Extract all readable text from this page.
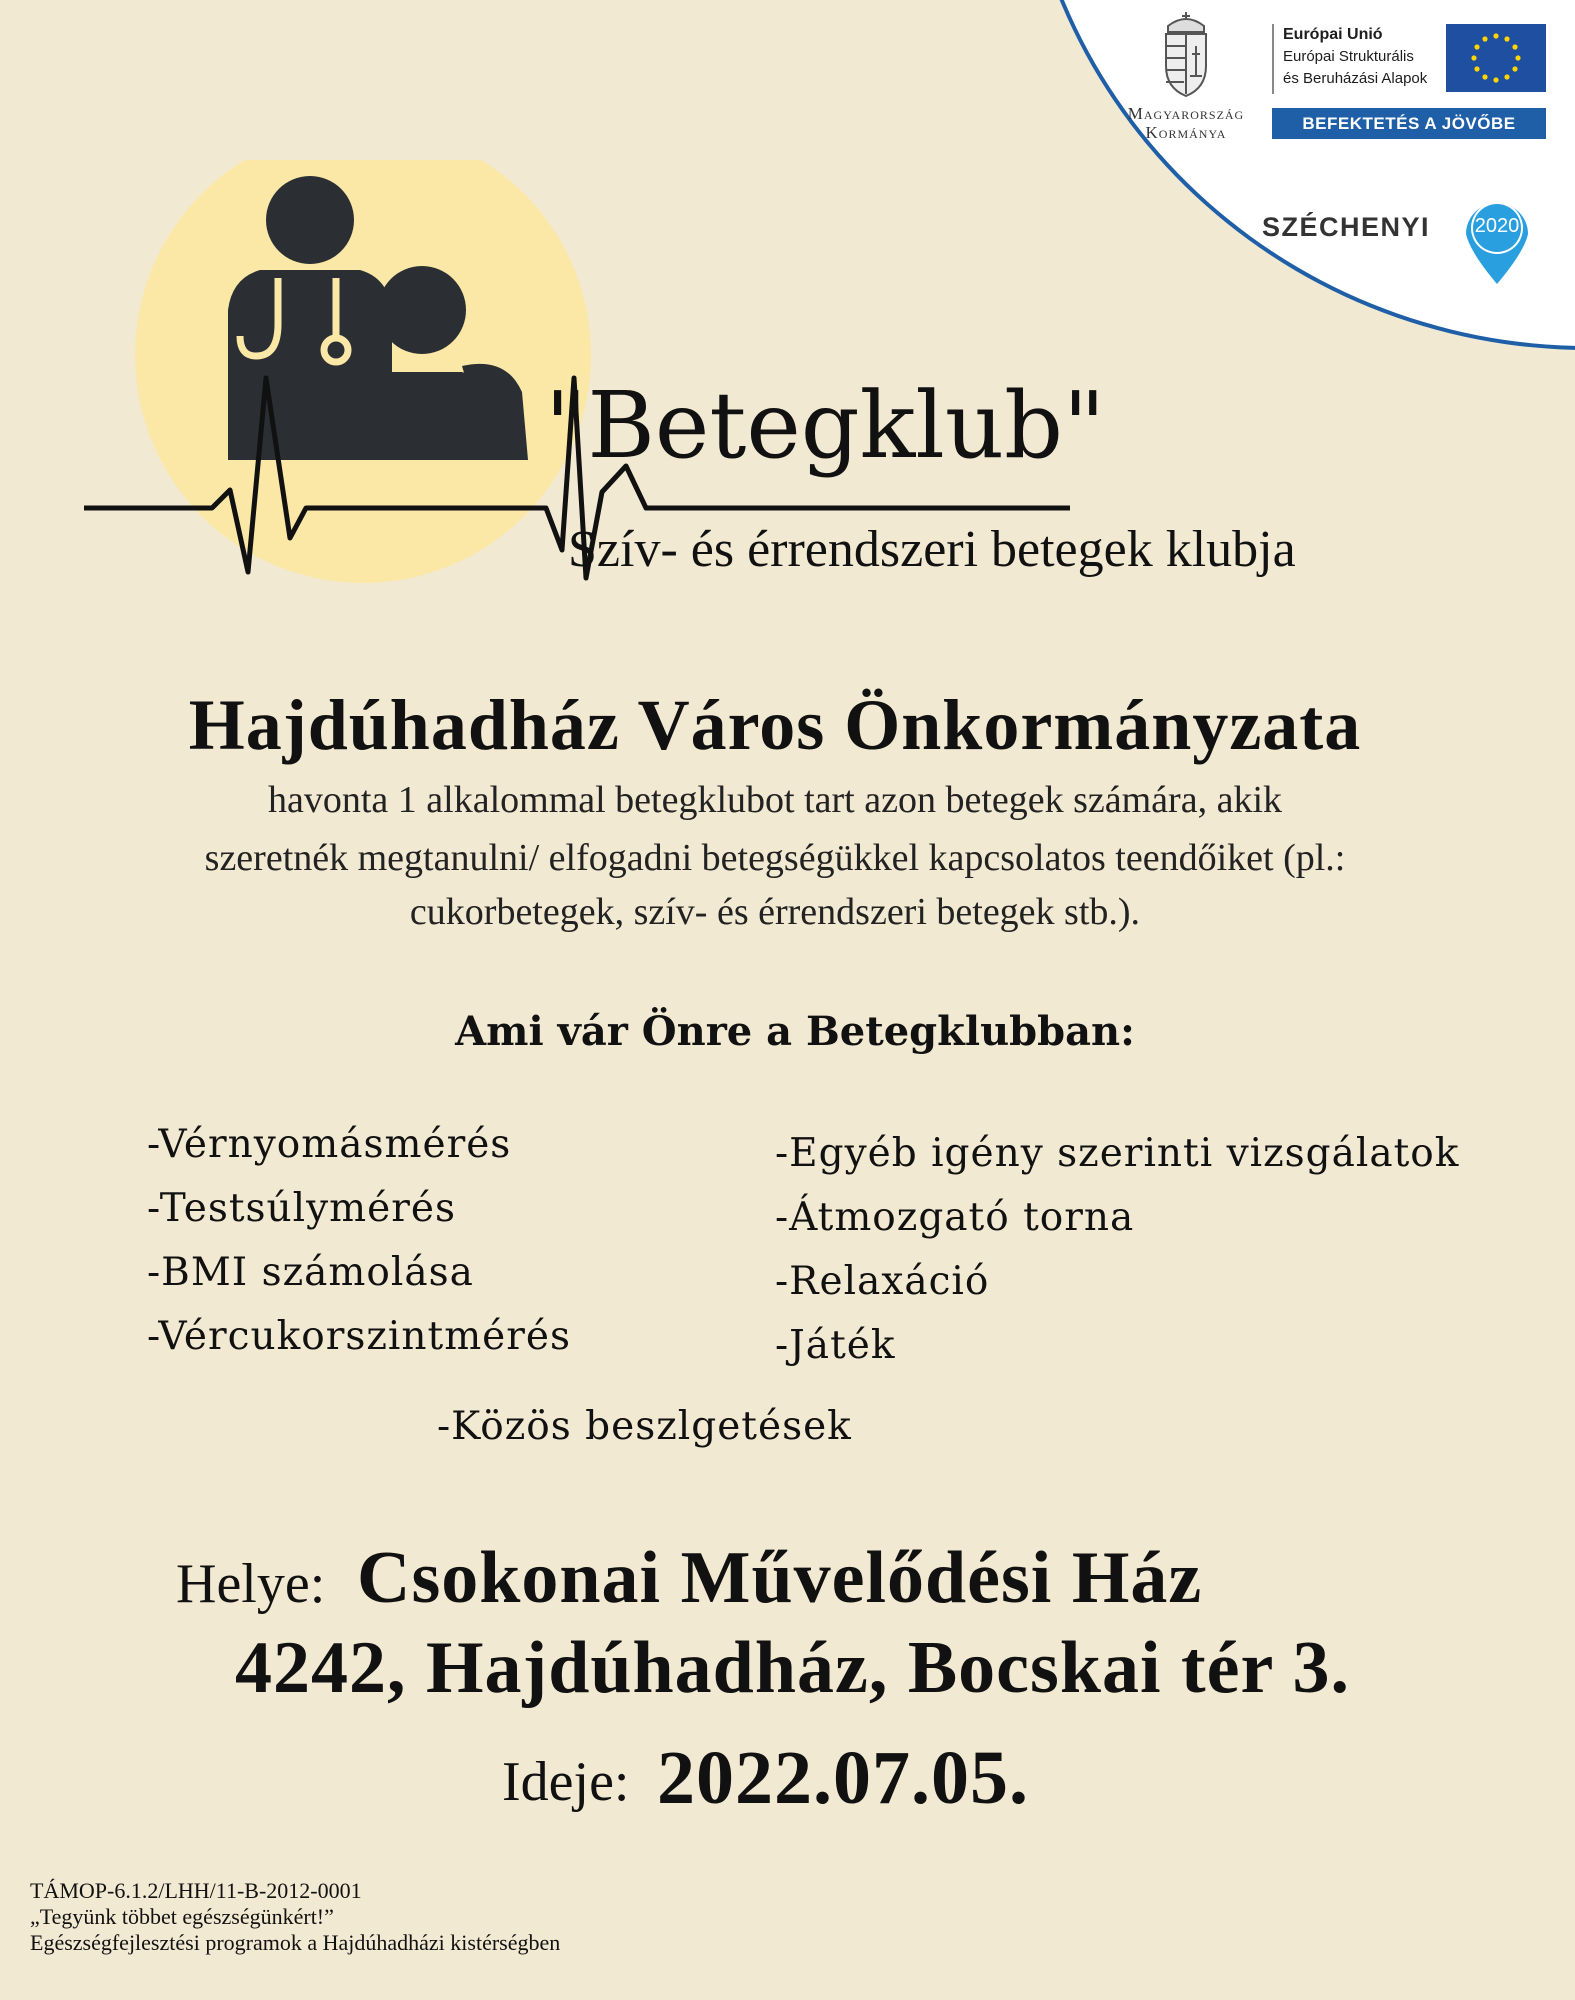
Magyarország
Kormánya
Európai Unió
Európai Strukturális
és Beruházási Alapok
BEFEKTETÉS A JÖVŐBE
SZÉCHENYI	2020
"Betegklub"
Szív- és érrendszeri betegek klubja
Hajdúhadház Város Önkormányzata
havonta 1 alkalommal betegklubot tart azon betegek számára, akik
szeretnék megtanulni/ elfogadni betegségükkel kapcsolatos teendőiket (pl.:
cukorbetegek, szív- és érrendszeri betegek stb.).
Ami vár Önre a Betegklubban:
-Vérnyomásmérés
-Testsúlymérés
-BMI számolása
-Vércukorszintmérés
-Egyéb igény szerinti vizsgálatok
-Átmozgató torna
-Relaxáció
-Játék
-Közös beszlgetések
Helye: Csokonai Művelődési Ház
4242, Hajdúhadház, Bocskai tér 3.
Ideje: 2022.07.05.
TÁMOP-6.1.2/LHH/11-B-2012-0001
„Tegyünk többet egészségünkért!”
Egészségfejlesztési programok a Hajdúhadházi kistérségben
